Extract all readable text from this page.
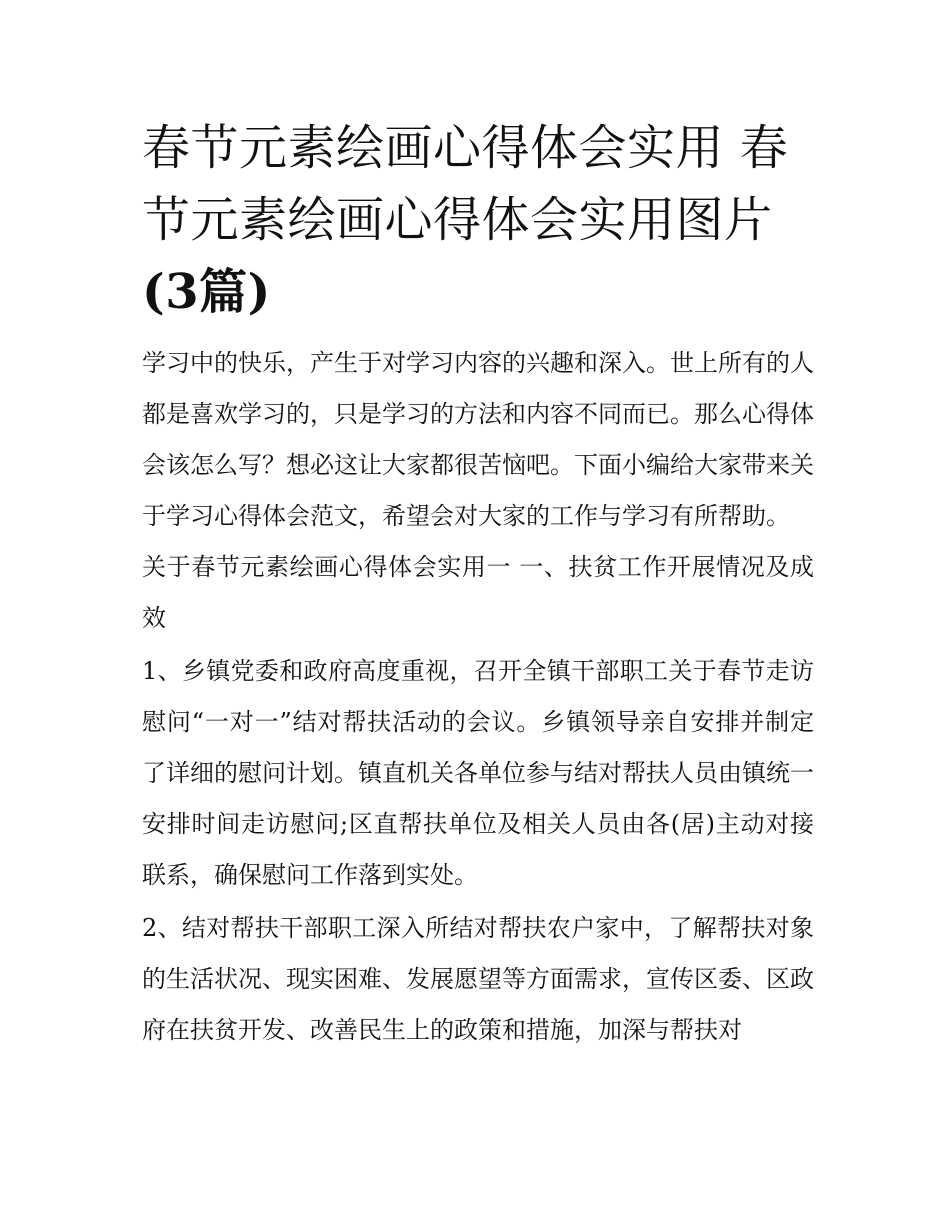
春节元素绘画心得体会实用 春节元素绘画心得体会实用图片
(3篇)

学习中的快乐，产生于对学习内容的兴趣和深入。世上所有的人都是喜欢学习的，只是学习的方法和内容不同而已。那么心得体会该怎么写？想必这让大家都很苦恼吧。下面小编给大家带来关于学习心得体会范文，希望会对大家的工作与学习有所帮助。

关于春节元素绘画心得体会实用一 一、扶贫工作开展情况及成效

1、乡镇党委和政府高度重视，召开全镇干部职工关于春节走访慰问“一对一”结对帮扶活动的会议。乡镇领导亲自安排并制定了详细的慰问计划。镇直机关各单位参与结对帮扶人员由镇统一安排时间走访慰问;区直帮扶单位及相关人员由各(居)主动对接联系，确保慰问工作落到实处。

2、结对帮扶干部职工深入所结对帮扶农户家中，了解帮扶对象的生活状况、现实困难、发展愿望等方面需求，宣传区委、区政府在扶贫开发、改善民生上的政策和措施，加深与帮扶对
